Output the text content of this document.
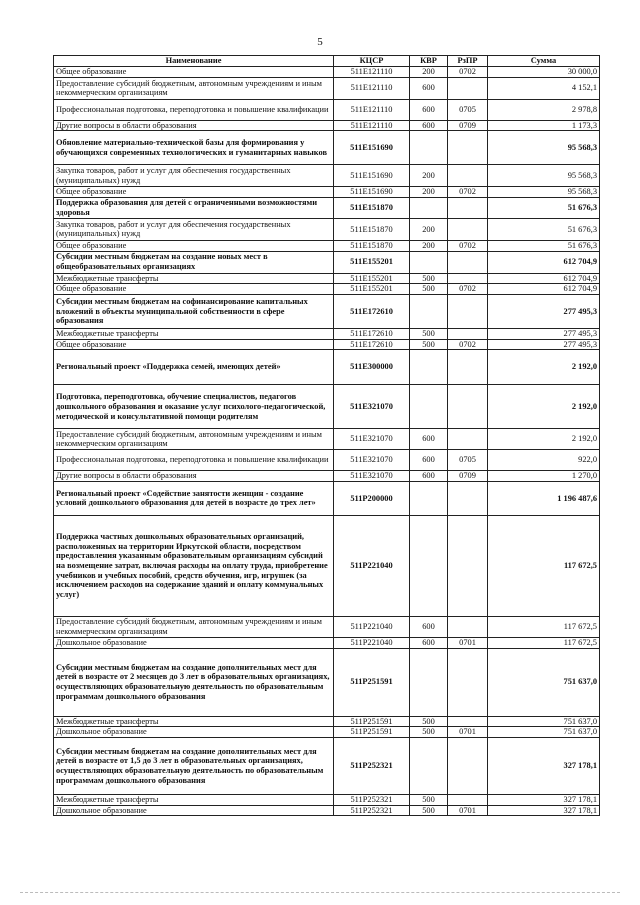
5
Наименование	КЦСР	КВР	РзПР	Сумма
Общее образование	511E121110	200	0702	30 000,0
Предоставление субсидий бюджетным, автономным учреждениям и иным некоммерческим организациям	511E121110	600		4 152,1
Профессиональная подготовка, переподготовка и повышение квалификации	511E121110	600	0705	2 978,8
Другие вопросы в области образования	511E121110	600	0709	1 173,3
Обновление материально-технической базы для формирования у обучающихся современных технологических и гуманитарных навыков	511E151690			95 568,3
Закупка товаров, работ и услуг для обеспечения государственных (муниципальных) нужд	511E151690	200		95 568,3
Общее образование	511E151690	200	0702	95 568,3
Поддержка образования для детей с ограниченными возможностями здоровья	511E151870			51 676,3
Закупка товаров, работ и услуг для обеспечения государственных (муниципальных) нужд	511E151870	200		51 676,3
Общее образование	511E151870	200	0702	51 676,3
Субсидии местным бюджетам на создание новых мест в общеобразовательных организациях	511E155201			612 704,9
Межбюджетные трансферты	511E155201	500		612 704,9
Общее образование	511E155201	500	0702	612 704,9
Субсидии местным бюджетам на софинансирование капитальных вложений в объекты муниципальной собственности в сфере образования	511E172610			277 495,3
Межбюджетные трансферты	511E172610	500		277 495,3
Общее образование	511E172610	500	0702	277 495,3
Региональный проект «Поддержка семей, имеющих детей»	511E300000			2 192,0
Подготовка, переподготовка, обучение специалистов, педагогов дошкольного образования и оказание услуг психолого-педагогической, методической и консультативной помощи родителям	511E321070			2 192,0
Предоставление субсидий бюджетным, автономным учреждениям и иным некоммерческим организациям	511E321070	600		2 192,0
Профессиональная подготовка, переподготовка и повышение квалификации	511E321070	600	0705	922,0
Другие вопросы в области образования	511E321070	600	0709	1 270,0
Региональный проект «Содействие занятости женщин - создание условий дошкольного образования для детей в возрасте до трех лет»	511P200000			1 196 487,6
Поддержка частных дошкольных образовательных организаций, расположенных на территории Иркутской области, посредством предоставления указанным образовательным организациям субсидий на возмещение затрат, включая расходы на оплату труда, приобретение учебников и учебных пособий, средств обучения, игр, игрушек (за исключением расходов на содержание зданий и оплату коммунальных услуг)	511P221040			117 672,5
Предоставление субсидий бюджетным, автономным учреждениям и иным некоммерческим организациям	511P221040	600		117 672,5
Дошкольное образование	511P221040	600	0701	117 672,5
Субсидии местным бюджетам на создание дополнительных мест для детей в возрасте от 2 месяцев до 3 лет в образовательных организациях, осуществляющих образовательную деятельность по образовательным программам дошкольного образования	511P251591			751 637,0
Межбюджетные трансферты	511P251591	500		751 637,0
Дошкольное образование	511P251591	500	0701	751 637,0
Субсидии местным бюджетам на создание дополнительных мест для детей в возрасте от 1,5 до 3 лет в образовательных организациях, осуществляющих образовательную деятельность по образовательным программам дошкольного образования	511P252321			327 178,1
Межбюджетные трансферты	511P252321	500		327 178,1
Дошкольное образование	511P252321	500	0701	327 178,1
